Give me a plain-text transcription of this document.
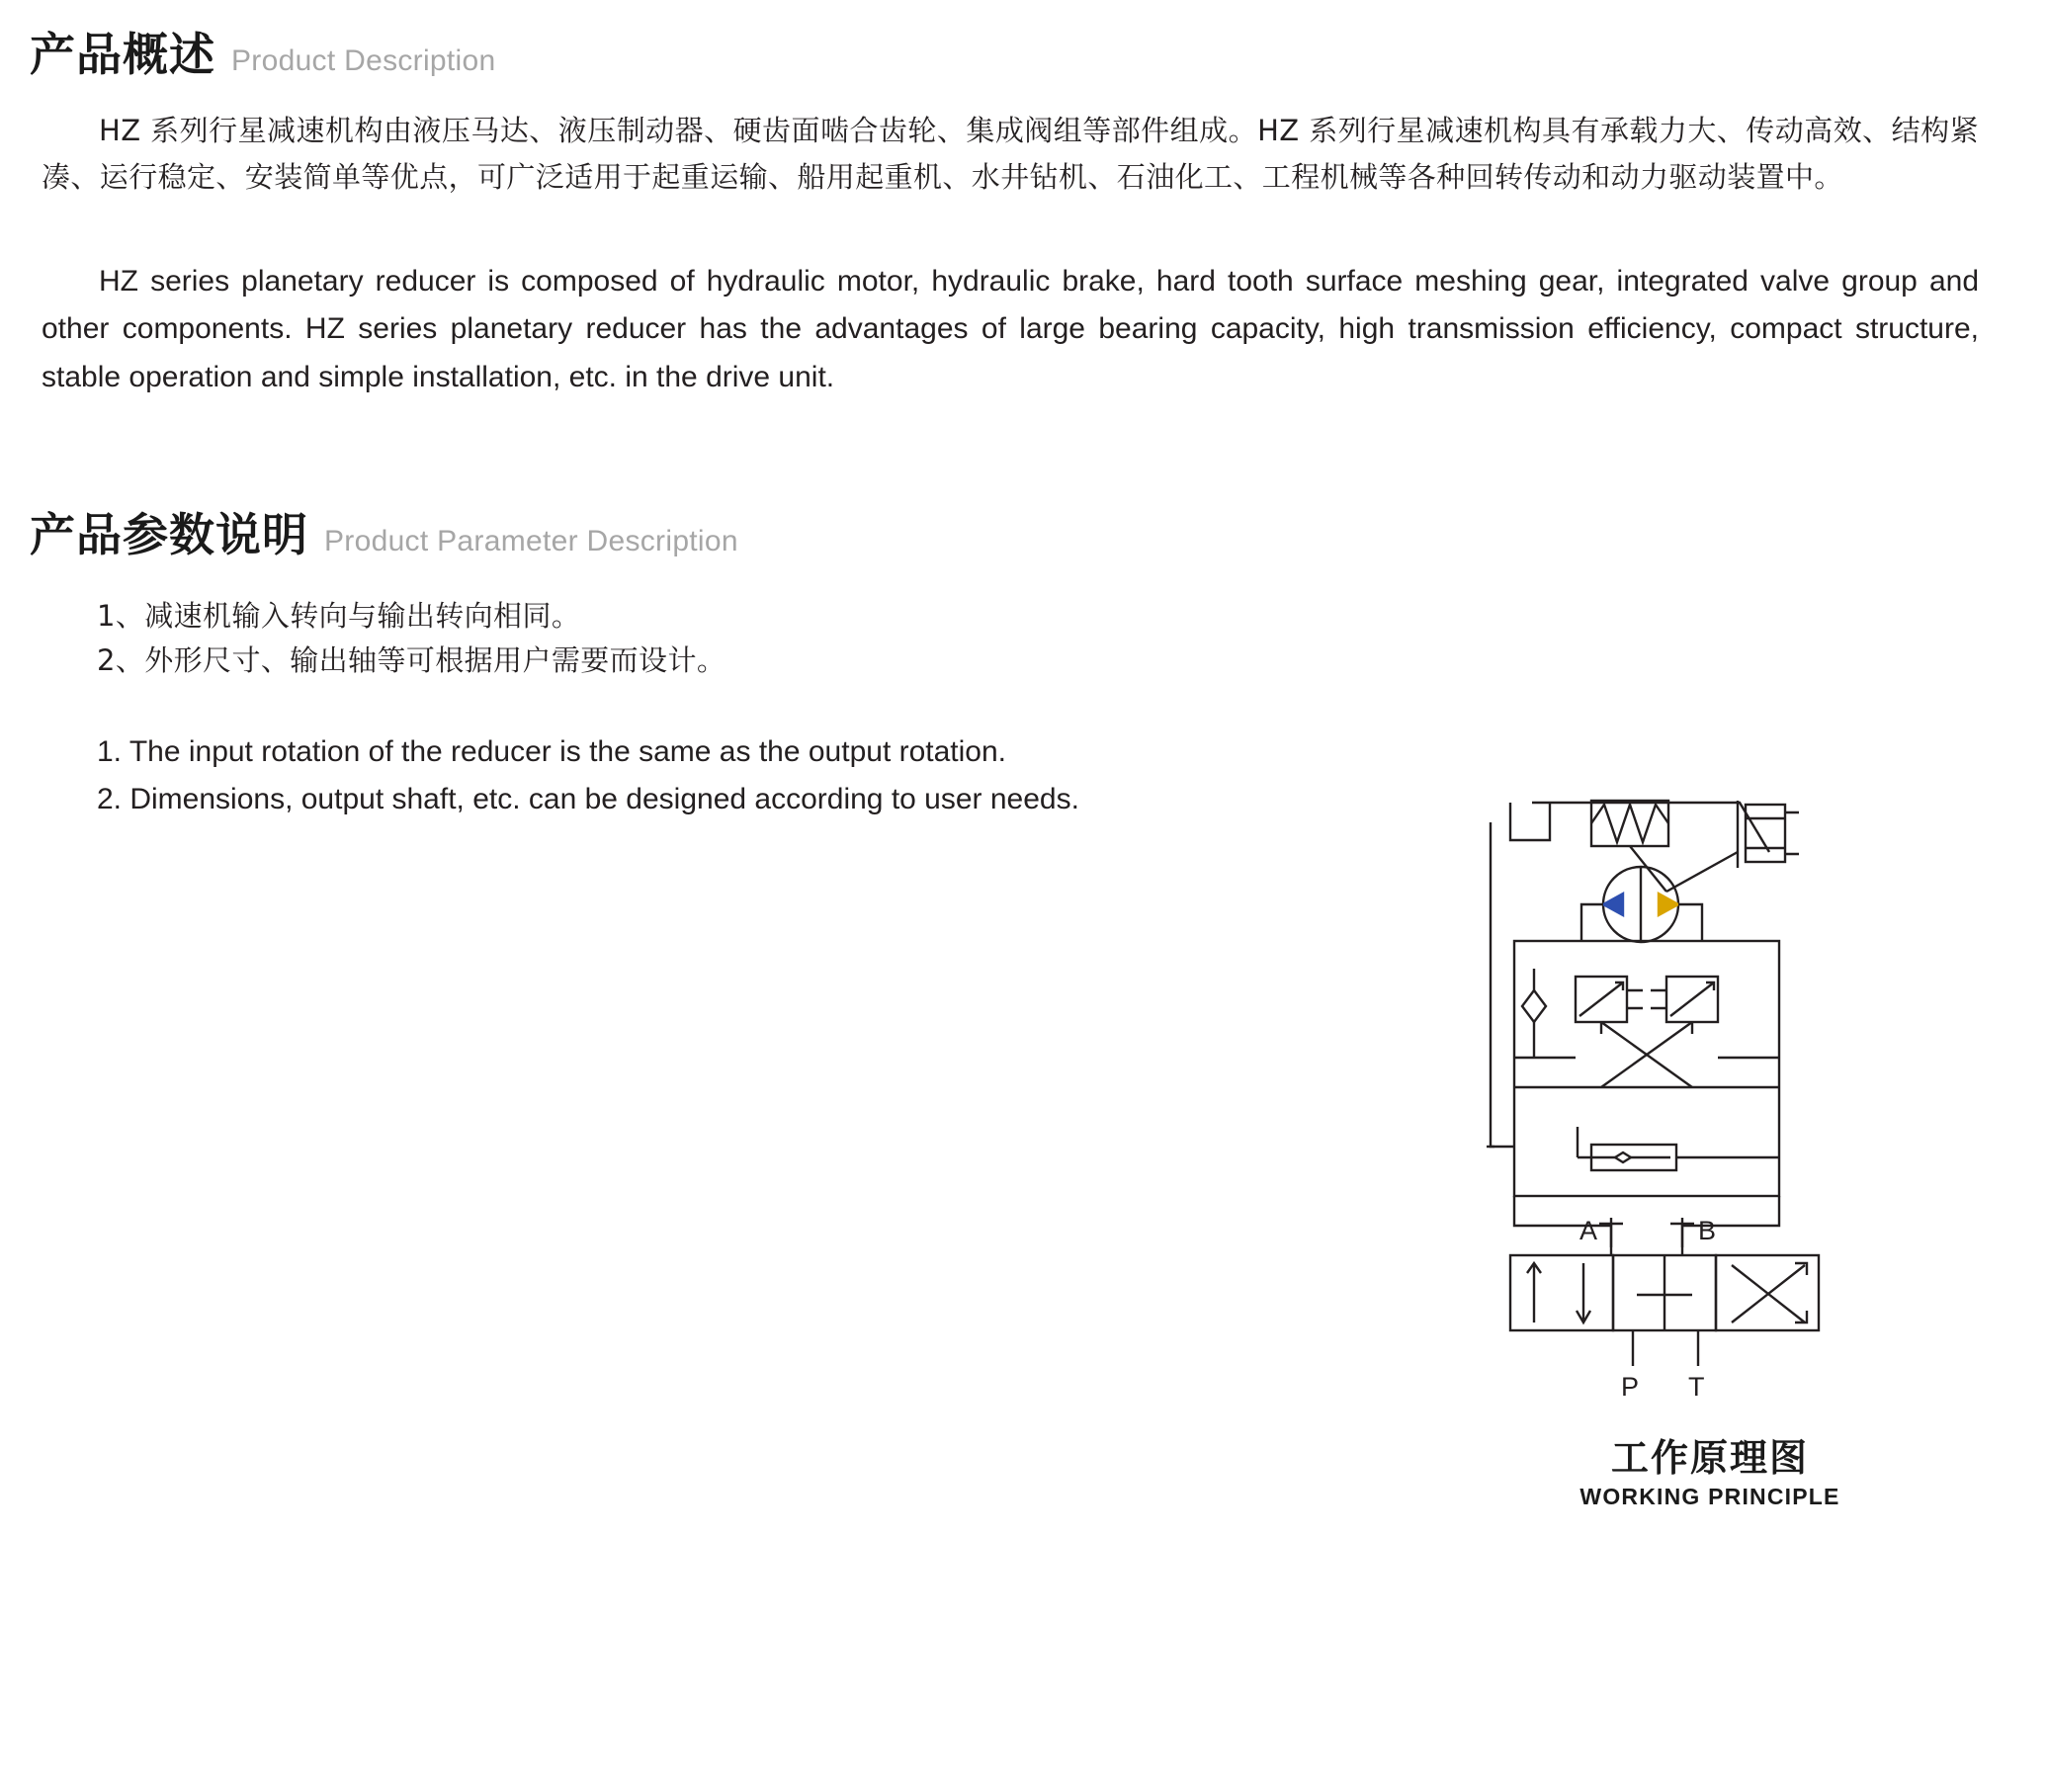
产品概述 Product Description

HZ 系列行星减速机构由液压马达、液压制动器、硬齿面啮合齿轮、集成阀组等部件组成。HZ 系列行星减速机构具有承载力大、传动高效、结构紧凑、运行稳定、安装简单等优点，可广泛适用于起重运输、船用起重机、水井钻机、石油化工、工程机械等各种回转传动和动力驱动装置中。

HZ series planetary reducer is composed of hydraulic motor, hydraulic brake, hard tooth surface meshing gear, integrated valve group and other components. HZ series planetary reducer has the advantages of large bearing capacity, high transmission efficiency, compact structure, stable operation and simple installation, etc. in the drive unit.

产品参数说明 Product Parameter Description
1、减速机输入转向与输出转向相同。
2、外形尺寸、输出轴等可根据用户需要而设计。
1. The input rotation of the reducer is the same as the output rotation.
2. Dimensions, output shaft, etc. can be designed according to user needs.
A	B
P T
工作原理图
WORKING PRINCIPLE
